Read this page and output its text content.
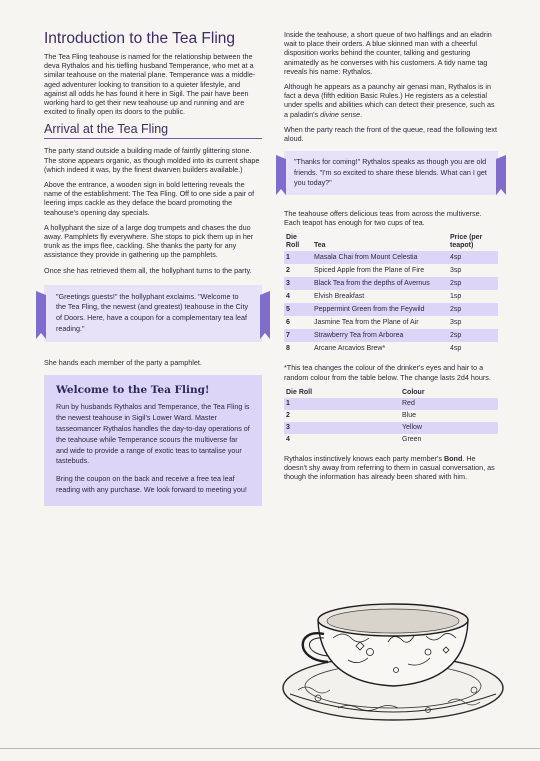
Introduction to the Tea Fling

The Tea Fling teahouse is named for the relationship between the deva Rythalos and his tiefling husband Temperance, who met at a similar teahouse on the material plane. Temperance was a middle-aged adventurer looking to transition to a quieter lifestyle, and against all odds he has found it here in Sigil. The pair have been working hard to get their new teahouse up and running and are excited to finally open its doors to the public.

Arrival at the Tea Fling

The party stand outside a building made of faintly glittering stone. The stone appears organic, as though molded into its current shape (which indeed it was, by the finest dwarven builders available.)

Above the entrance, a wooden sign in bold lettering reveals the name of the establishment: The Tea Fling. Off to one side a pair of leering imps cackle as they deface the board promoting the teahouse's opening day specials.

A hollyphant the size of a large dog trumpets and chases the duo away. Pamphlets fly everywhere. She stops to pick them up in her trunk as the imps flee, cackling. She thanks the party for any assistance they provide in gathering up the pamphlets.

Once she has retrieved them all, the hollyphant turns to the party.

"Greetings guests!" the hollyphant exclaims. "Welcome to the Tea Fling, the newest (and greatest) teahouse in the City of Doors. Here, have a coupon for a complementary tea leaf reading."

She hands each member of the party a pamphlet.

Welcome to the Tea Fling!

Run by husbands Rythalos and Temperance, the Tea Fling is the newest teahouse in Sigil's Lower Ward. Master tasseomancer Rythalos handles the day-to-day operations of the teahouse while Temperance scours the multiverse far and wide to provide a range of exotic teas to tantalise your tastebuds.

Bring the coupon on the back and receive a free tea leaf reading with any purchase. We look forward to meeting you!

Inside the teahouse, a short queue of two halflings and an eladrin wait to place their orders. A blue skinned man with a cheerful disposition works behind the counter, talking and gesturing animatedly as he converses with his customers. A tidy name tag reveals his name: Rythalos.

Although he appears as a paunchy air genasi man, Rythalos is in fact a deva (fifth edition Basic Rules.) He registers as a celestial under spells and abilities which can detect their presence, such as a paladin's divine sense.

When the party reach the front of the queue, read the following text aloud.

"Thanks for coming!" Rythalos speaks as though you are old friends. "I'm so excited to share these blends. What can I get you today?"

The teahouse offers delicious teas from across the multiverse. Each teapot has enough for two cups of tea.

Die Roll	Tea	Price (per teapot)
1	Masala Chai from Mount Celestia	4sp
2	Spiced Apple from the Plane of Fire	3sp
3	Black Tea from the depths of Avernus	2sp
4	Elvish Breakfast	1sp
5	Peppermint Green from the Feywild	2sp
6	Jasmine Tea from the Plane of Air	3sp
7	Strawberry Tea from Arborea	2sp
8	Arcane Arcavios Brew*	4sp

*This tea changes the colour of the drinker's eyes and hair to a random colour from the table below. The change lasts 2d4 hours.

Die Roll	Colour
1	Red
2	Blue
3	Yellow
4	Green

Rythalos instinctively knows each party member's Bond. He doesn't shy away from referring to them in casual conversation, as though the information has already been shared with him.
